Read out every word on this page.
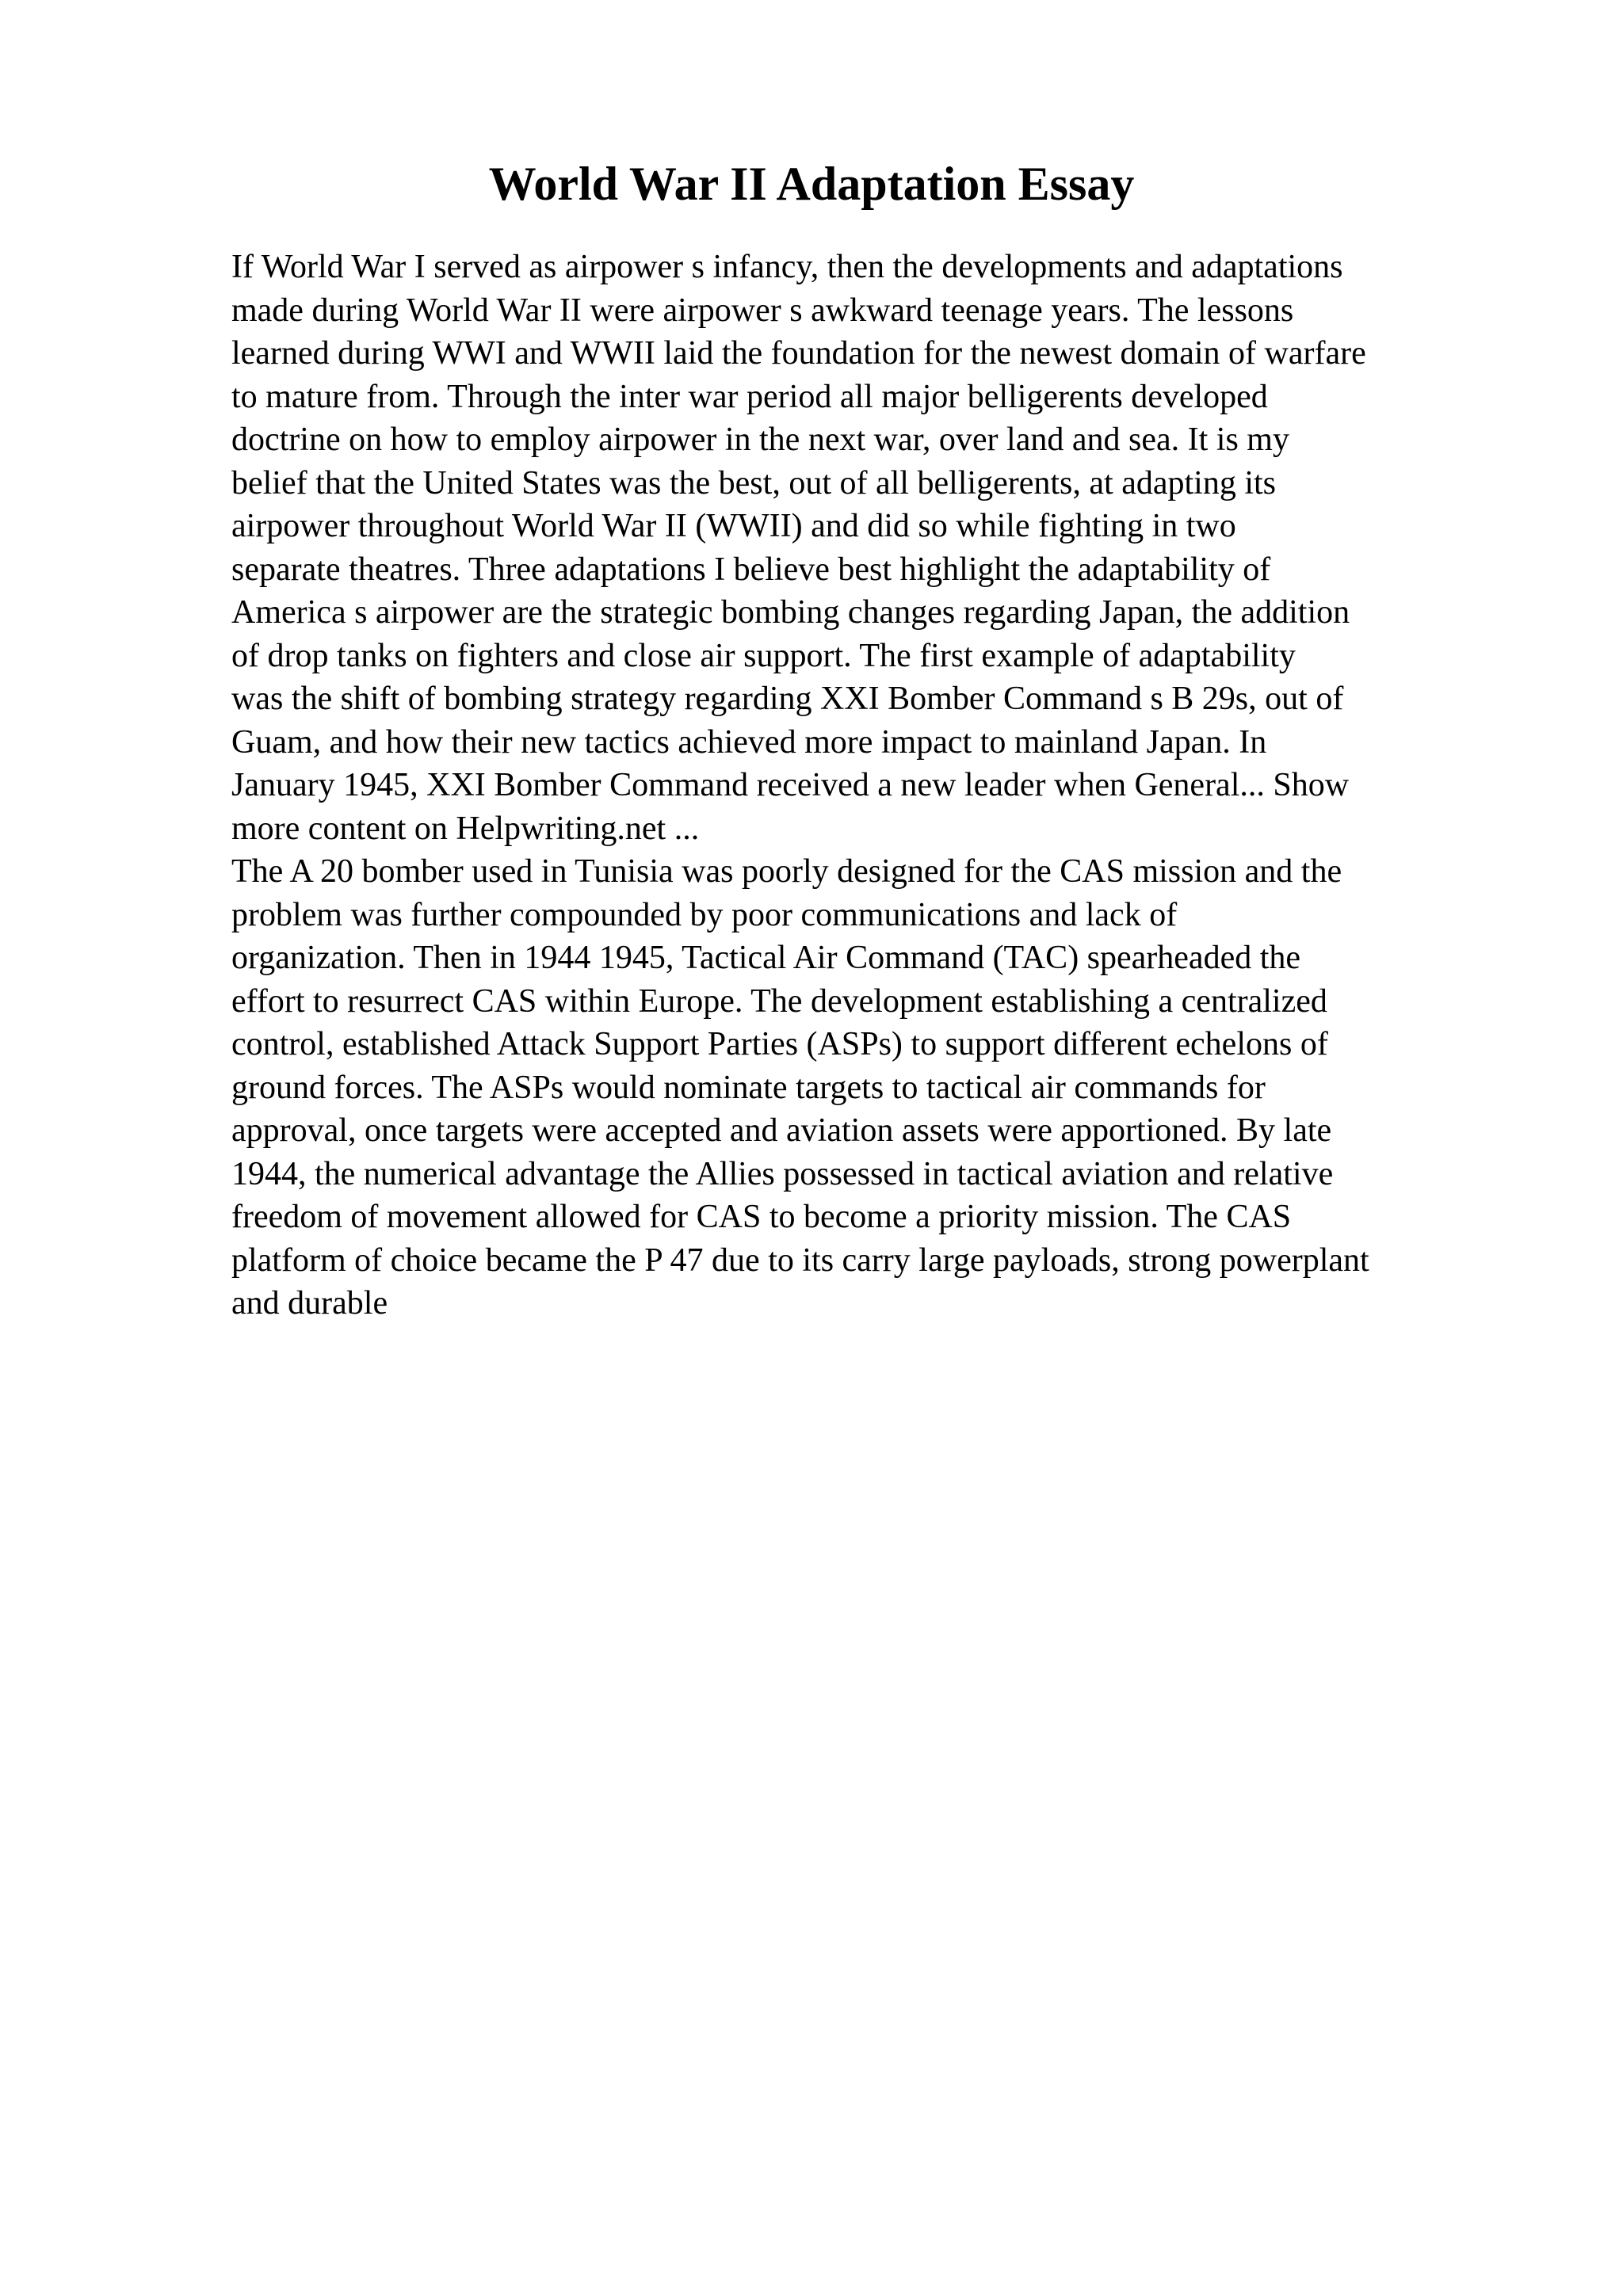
World War II Adaptation Essay
If World War I served as airpower s infancy, then the developments and adaptations
made during World War II were airpower s awkward teenage years. The lessons
learned during WWI and WWII laid the foundation for the newest domain of warfare
to mature from. Through the inter war period all major belligerents developed
doctrine on how to employ airpower in the next war, over land and sea. It is my
belief that the United States was the best, out of all belligerents, at adapting its
airpower throughout World War II (WWII) and did so while fighting in two
separate theatres. Three adaptations I believe best highlight the adaptability of
America s airpower are the strategic bombing changes regarding Japan, the addition
of drop tanks on fighters and close air support. The first example of adaptability
was the shift of bombing strategy regarding XXI Bomber Command s B 29s, out of
Guam, and how their new tactics achieved more impact to mainland Japan. In
January 1945, XXI Bomber Command received a new leader when General... Show
more content on Helpwriting.net ...
The A 20 bomber used in Tunisia was poorly designed for the CAS mission and the
problem was further compounded by poor communications and lack of
organization. Then in 1944 1945, Tactical Air Command (TAC) spearheaded the
effort to resurrect CAS within Europe. The development establishing a centralized
control, established Attack Support Parties (ASPs) to support different echelons of
ground forces. The ASPs would nominate targets to tactical air commands for
approval, once targets were accepted and aviation assets were apportioned. By late
1944, the numerical advantage the Allies possessed in tactical aviation and relative
freedom of movement allowed for CAS to become a priority mission. The CAS
platform of choice became the P 47 due to its carry large payloads, strong powerplant
and durable
